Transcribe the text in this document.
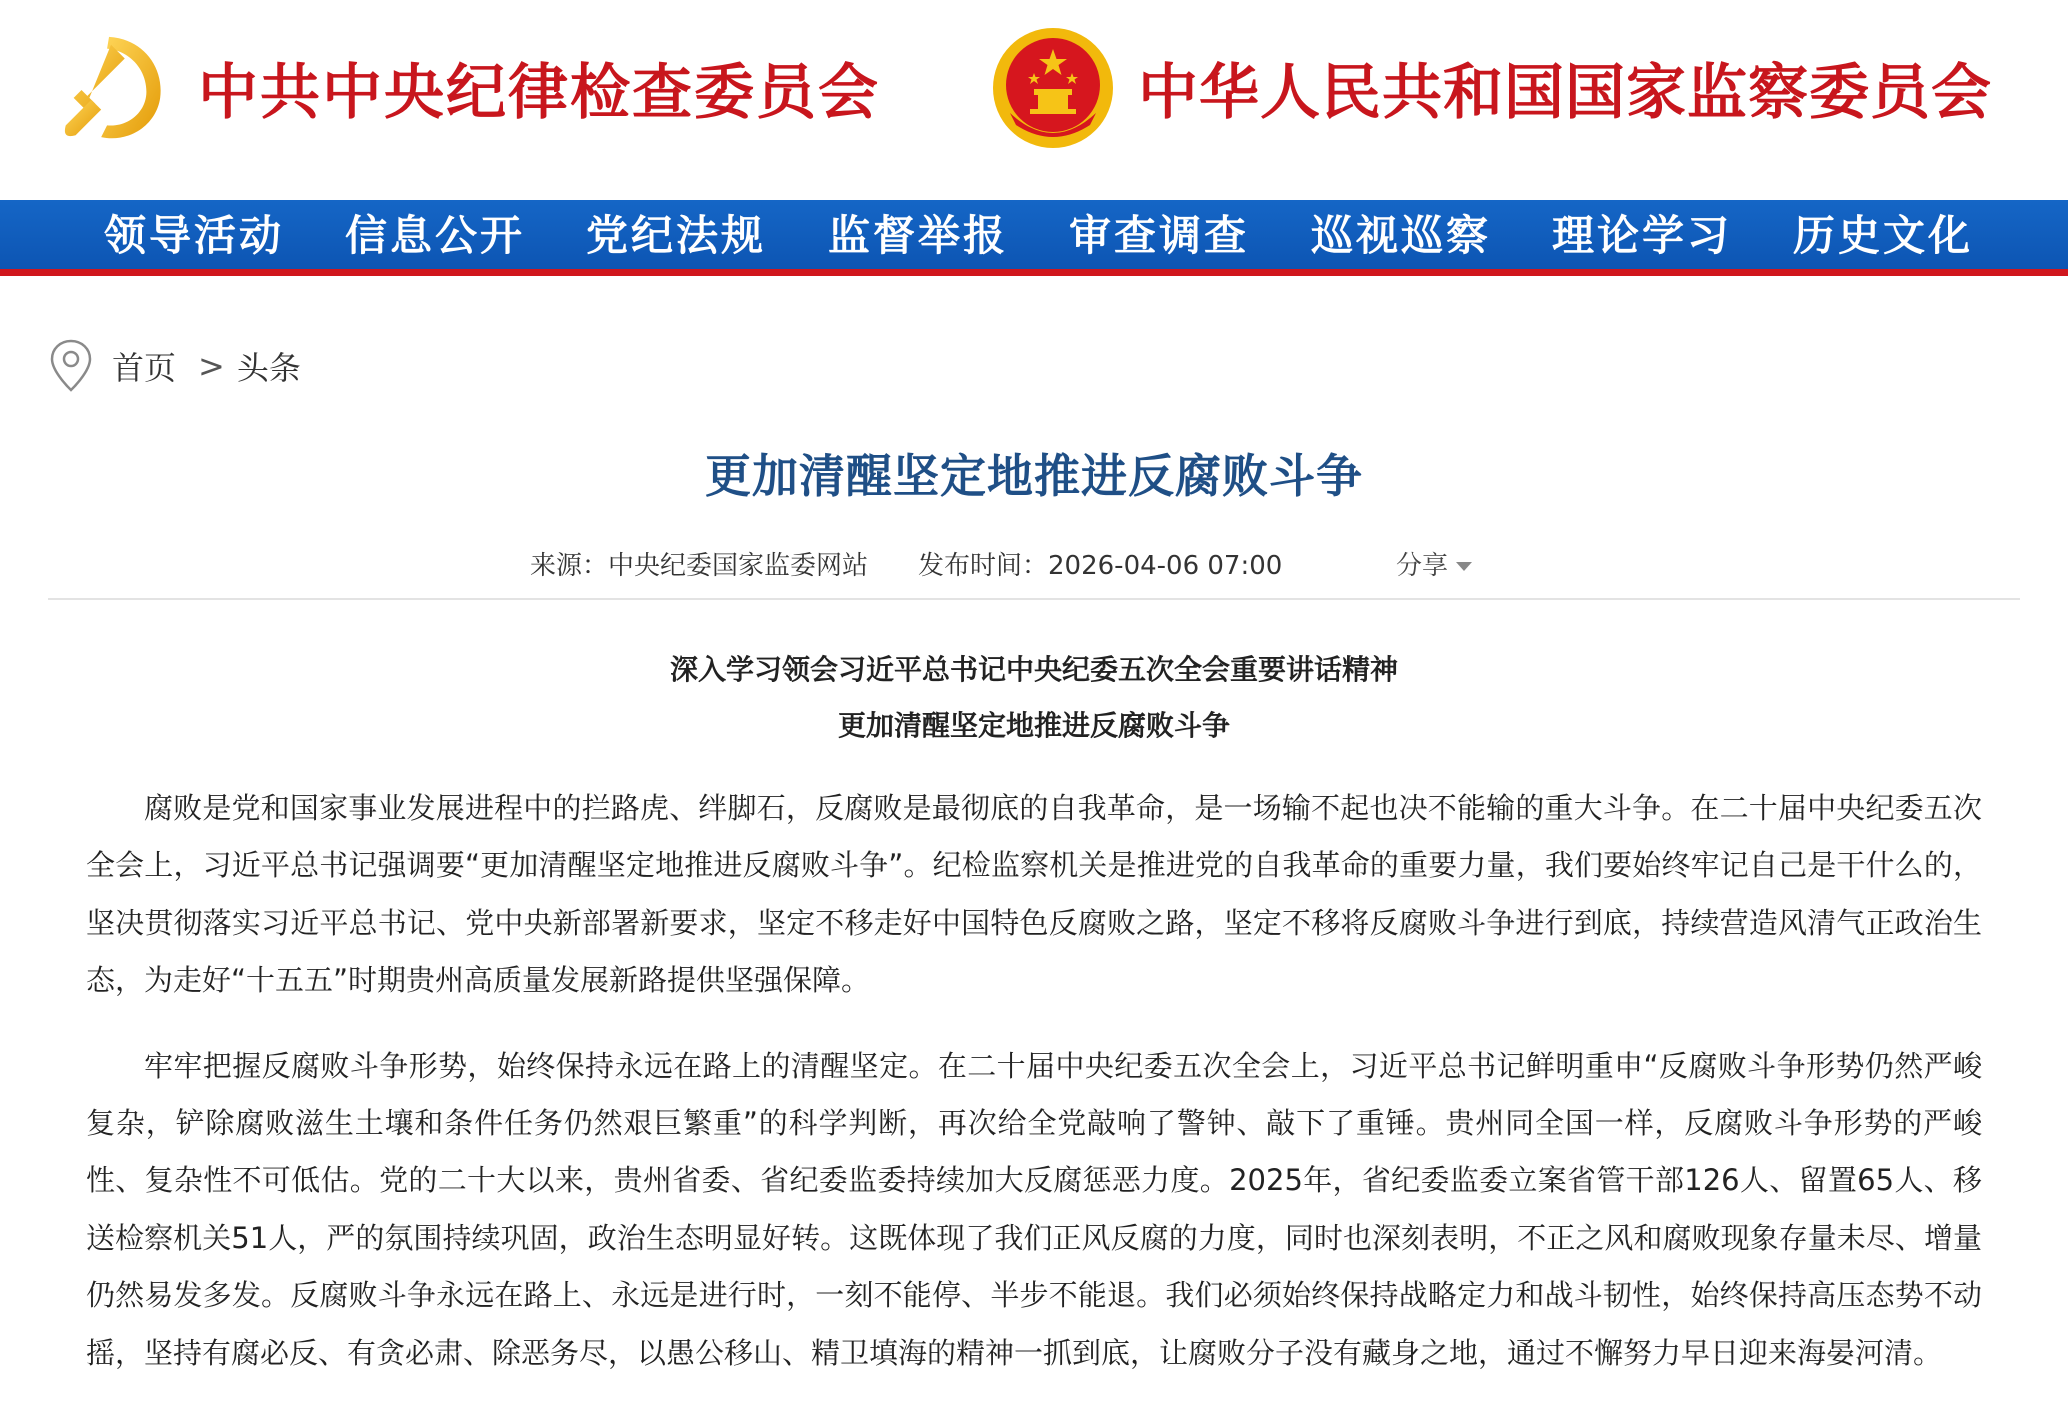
中共中央纪律检查委员会	中华人民共和国国家监察委员会
领导活动 信息公开 党纪法规 监督举报 审查调查 巡视巡察 理论学习 历史文化
首页 > 头条
更加清醒坚定地推进反腐败斗争
来源：中央纪委国家监委网站 发布时间：2026-04-06 07:00	分享
深入学习领会习近平总书记中央纪委五次全会重要讲话精神
更加清醒坚定地推进反腐败斗争

腐败是党和国家事业发展进程中的拦路虎、绊脚石，反腐败是最彻底的自我革命，是一场输不起也决不能输的重大斗争。在二十届中央纪委五次全会上，习近平总书记强调要“更加清醒坚定地推进反腐败斗争”。纪检监察机关是推进党的自我革命的重要力量，我们要始终牢记自己是干什么的，坚决贯彻落实习近平总书记、党中央新部署新要求，坚定不移走好中国特色反腐败之路，坚定不移将反腐败斗争进行到底，持续营造风清气正政治生态，为走好“十五五”时期贵州高质量发展新路提供坚强保障。

牢牢把握反腐败斗争形势，始终保持永远在路上的清醒坚定。在二十届中央纪委五次全会上，习近平总书记鲜明重申“反腐败斗争形势仍然严峻复杂，铲除腐败滋生土壤和条件任务仍然艰巨繁重”的科学判断，再次给全党敲响了警钟、敲下了重锤。贵州同全国一样，反腐败斗争形势的严峻性、复杂性不可低估。党的二十大以来，贵州省委、省纪委监委持续加大反腐惩恶力度。2025年，省纪委监委立案省管干部126人、留置65人、移送检察机关51人，严的氛围持续巩固，政治生态明显好转。这既体现了我们正风反腐的力度，同时也深刻表明，不正之风和腐败现象存量未尽、增量仍然易发多发。反腐败斗争永远在路上、永远是进行时，一刻不能停、半步不能退。我们必须始终保持战略定力和战斗韧性，始终保持高压态势不动摇，坚持有腐必反、有贪必肃、除恶务尽，以愚公移山、精卫填海的精神一抓到底，让腐败分子没有藏身之地，通过不懈努力早日迎来海晏河清。
